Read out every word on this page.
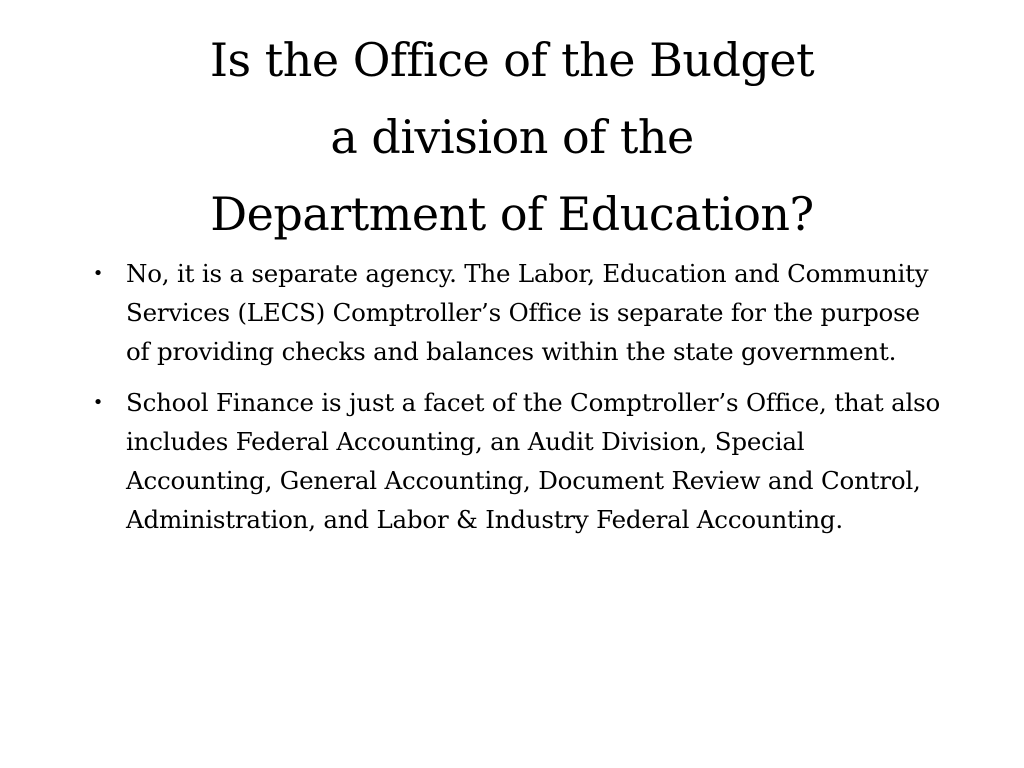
Is the Office of the Budget
a division of the
Department of Education?
• No, it is a separate agency. The Labor, Education and Community Services (LECS) Comptroller’s Office is separate for the purpose of providing checks and balances within the state government.
• School Finance is just a facet of the Comptroller’s Office, that also includes Federal Accounting, an Audit Division, Special Accounting, General Accounting, Document Review and Control, Administration, and Labor & Industry Federal Accounting.
